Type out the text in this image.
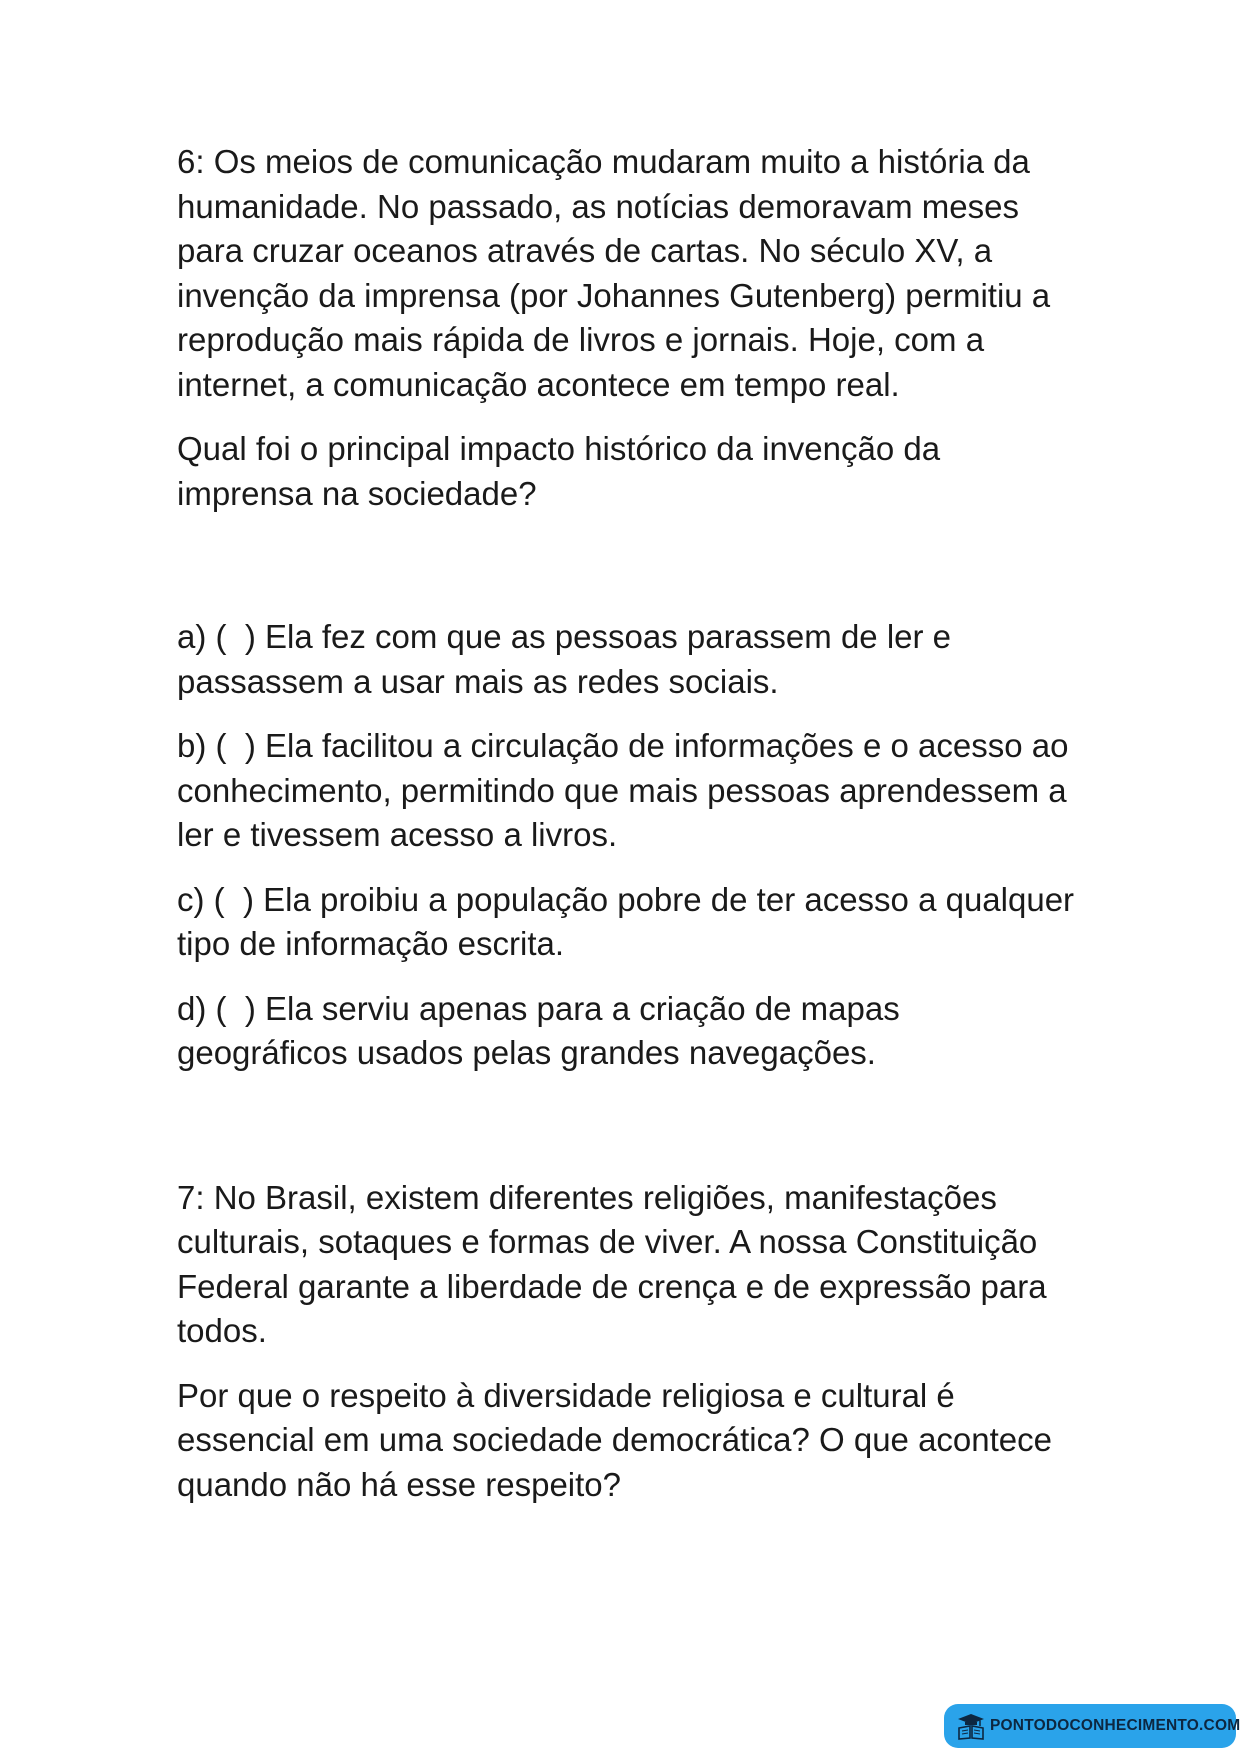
6: Os meios de comunicação mudaram muito a história da humanidade. No passado, as notícias demoravam meses para cruzar oceanos através de cartas. No século XV, a invenção da imprensa (por Johannes Gutenberg) permitiu a reprodução mais rápida de livros e jornais. Hoje, com a internet, a comunicação acontece em tempo real.

Qual foi o principal impacto histórico da invenção da imprensa na sociedade?

a) (  ) Ela fez com que as pessoas parassem de ler e passassem a usar mais as redes sociais.

b) (  ) Ela facilitou a circulação de informações e o acesso ao conhecimento, permitindo que mais pessoas aprendessem a ler e tivessem acesso a livros.

c) (  ) Ela proibiu a população pobre de ter acesso a qualquer tipo de informação escrita.

d) (  ) Ela serviu apenas para a criação de mapas geográficos usados pelas grandes navegações.

7: No Brasil, existem diferentes religiões, manifestações culturais, sotaques e formas de viver. A nossa Constituição Federal garante a liberdade de crença e de expressão para todos.

Por que o respeito à diversidade religiosa e cultural é essencial em uma sociedade democrática? O que acontece quando não há esse respeito?

PONTODOCONHECIMENTO.COM
